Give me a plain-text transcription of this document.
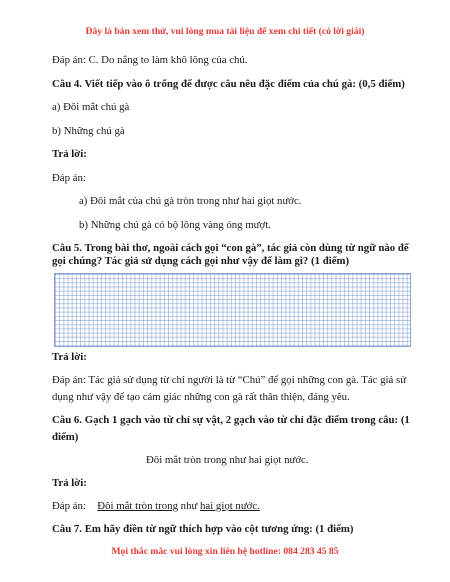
Đây là bản xem thử, vui lòng mua tài liệu để xem chi tiết (có lời giải)
Đáp án: C. Do nắng to làm khô lông của chú.
Câu 4. Viết tiếp vào ô trống để được câu nêu đặc điểm của chú gà: (0,5 điểm)
a) Đôi mắt chú gà
b) Những chú gà
Trả lời:
Đáp án:
a) Đôi mắt của chú gà tròn trong như hai giọt nước.
b) Những chú gà có bộ lông vàng óng mượt.
Câu 5. Trong bài thơ, ngoài cách gọi “con gà”, tác giả còn dùng từ ngữ nào để
gọi chúng? Tác giả sử dụng cách gọi như vậy để làm gì? (1 điểm)
Trả lời:
Đáp án: Tác giả sử dụng từ chỉ người là từ “Chú” để gọi những con gà. Tác giả sử
dụng như vậy để tạo cảm giác những con gà rất thân thiện, đáng yêu.
Câu 6. Gạch 1 gạch vào từ chỉ sự vật, 2 gạch vào từ chỉ đặc điểm trong câu: (1
điểm)
Đôi mắt tròn trong như hai giọt nước.
Trả lời:
Đáp án: Đôi mắt tròn trong như hai giọt nước.
Câu 7. Em hãy điền từ ngữ thích hợp vào cột tương ứng: (1 điểm)
Mọi thắc mắc vui lòng xin liên hệ hotline: 084 283 45 85
